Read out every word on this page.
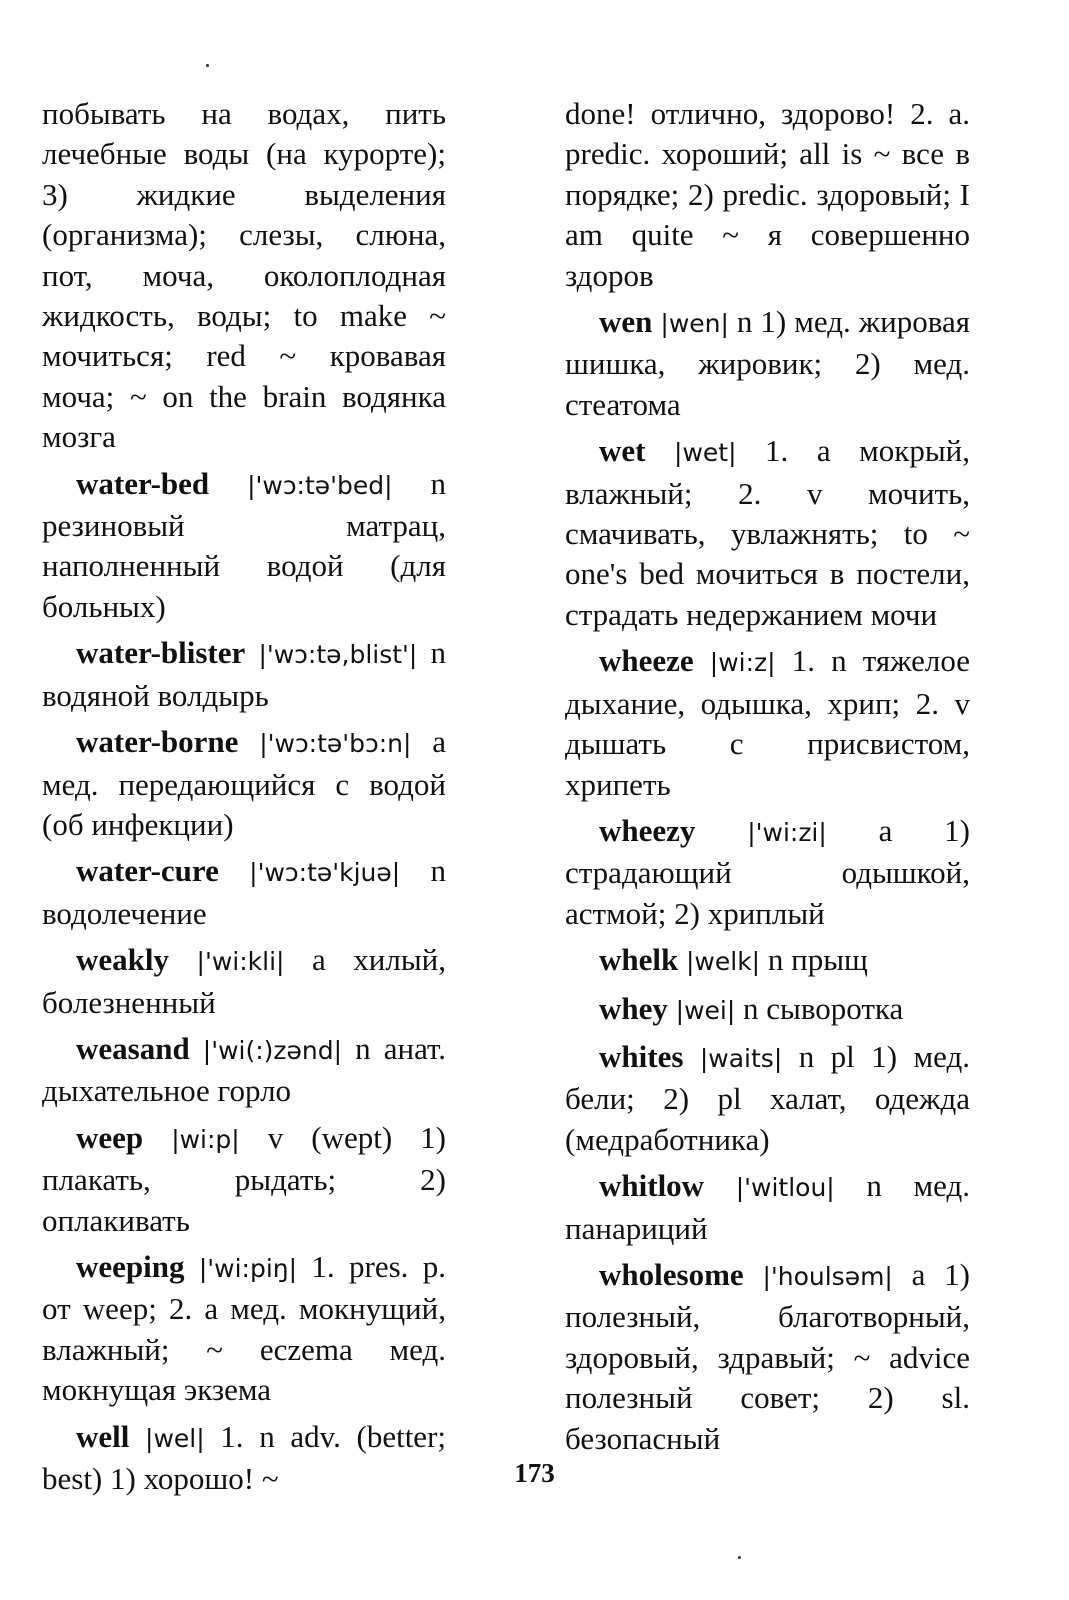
побывать на водах, пить лечебные воды (на курорте); 3) жидкие выделения (организма); слезы, слюна, пот, моча, околоплодная жидкость, воды; to make ~ мочиться; red ~ кровавая моча; ~ on the brain водянка мозга

water-bed |'wɔ:tə'bed| n резиновый матрац, наполненный водой (для больных)

water-blister |'wɔ:tə,blist'| n водяной волдырь

water-borne |'wɔ:tə'bɔ:n| a мед. передающийся с водой (об инфекции)

water-cure |'wɔ:tə'kjuə| n водолечение

weakly |'wi:kli| a хилый, болезненный

weasand |'wi(:)zənd| n анат. дыхательное горло

weep |wi:p| v (wept) 1) плакать, рыдать; 2) оплакивать

weeping |'wi:piŋ| 1. pres. p. от weep; 2. a мед. мокнущий, влажный; ~ eczema мед. мокнущая экзема

well |wel| 1. n adv. (better; best) 1) хорошо! ~

done! отлично, здорово! 2. a. predic. хороший; all is ~ все в порядке; 2) predic. здоровый; I am quite ~ я совершенно здоров

wen |wen| n 1) мед. жировая шишка, жировик; 2) мед. стеатома

wet |wet| 1. a мокрый, влажный; 2. v мочить, смачивать, увлажнять; to ~ one's bed мочиться в постели, страдать недержанием мочи

wheeze |wi:z| 1. n тяжелое дыхание, одышка, хрип; 2. v дышать с присвистом, хрипеть

wheezy |'wi:zi| a 1) страдающий одышкой, астмой; 2) хриплый

whelk |welk| n прыщ

whey |wei| n сыворотка

whites |waits| n pl 1) мед. бели; 2) pl халат, одежда (медработника)

whitlow |'witlou| n мед. панариций

wholesome |'houlsəm| a 1) полезный, благотворный, здоровый, здравый; ~ advice полезный совет; 2) sl. безопасный

173
